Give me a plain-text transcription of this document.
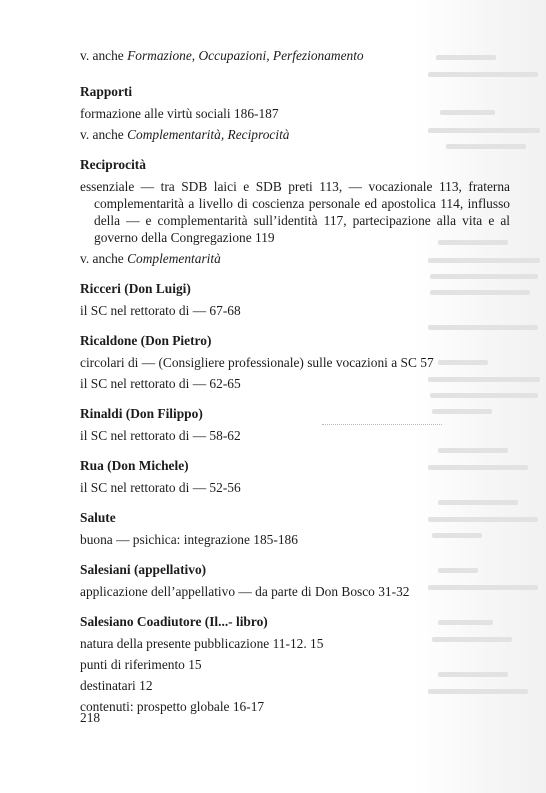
v. anche Formazione, Occupazioni, Perfezionamento
Rapporti
formazione alle virtù sociali 186-187
v. anche Complementarità, Reciprocità
Reciprocità
essenziale — tra SDB laici e SDB preti 113, — vocazionale 113, fraterna complementarità a livello di coscienza personale ed apostolica 114, influsso della — e complementarità sull’identità 117, partecipazione alla vita e al governo della Congregazione 119
v. anche Complementarità
Ricceri (Don Luigi)
il SC nel rettorato di — 67-68
Ricaldone (Don Pietro)
circolari di — (Consigliere professionale) sulle vocazioni a SC 57
il SC nel rettorato di — 62-65
Rinaldi (Don Filippo)
il SC nel rettorato di — 58-62
Rua (Don Michele)
il SC nel rettorato di — 52-56
Salute
buona — psichica: integrazione 185-186
Salesiani (appellativo)
applicazione dell’appellativo — da parte di Don Bosco 31-32
Salesiano Coadiutore (Il...- libro)
natura della presente pubblicazione 11-12. 15
punti di riferimento 15
destinatari 12
contenuti: prospetto globale 16-17
218
